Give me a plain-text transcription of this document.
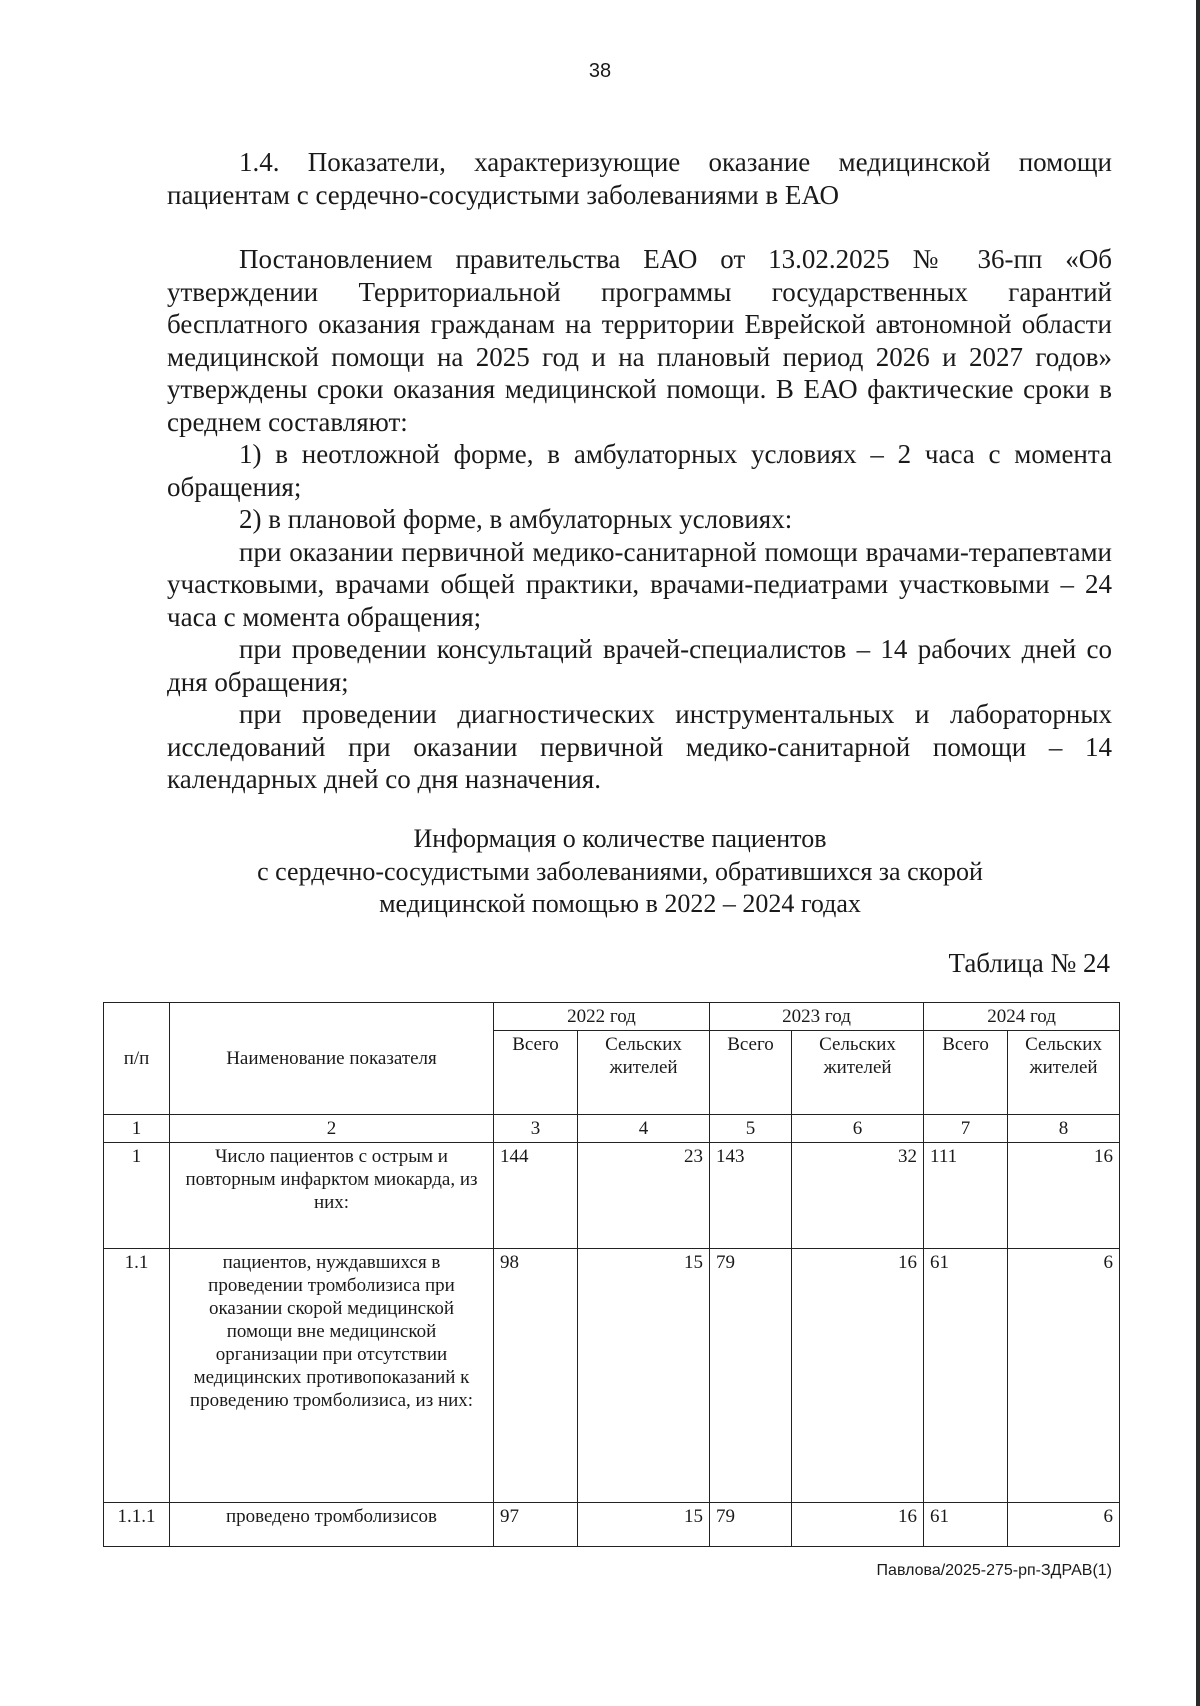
38

1.4. Показатели, характеризующие оказание медицинской помощи пациентам с сердечно-сосудистыми заболеваниями в ЕАО

Постановлением правительства ЕАО от 13.02.2025 № 36-пп «Об утверждении Территориальной программы государственных гарантий бесплатного оказания гражданам на территории Еврейской автономной области медицинской помощи на 2025 год и на плановый период 2026 и 2027 годов» утверждены сроки оказания медицинской помощи. В ЕАО фактические сроки в среднем составляют:

1) в неотложной форме, в амбулаторных условиях – 2 часа с момента обращения;

2) в плановой форме, в амбулаторных условиях:

при оказании первичной медико-санитарной помощи врачами-терапевтами участковыми, врачами общей практики, врачами-педиатрами участковыми – 24 часа с момента обращения;

при проведении консультаций врачей-специалистов – 14 рабочих дней со дня обращения;

при проведении диагностических инструментальных и лабораторных исследований при оказании первичной медико-санитарной помощи – 14 календарных дней со дня назначения.

Информация о количестве пациентов
с сердечно-сосудистыми заболеваниями, обратившихся за скорой
медицинской помощью в 2022 – 2024 годах
Таблица № 24
п/п	Наименование показателя	2022 год		2023 год		2024 год	
		Всего	Сельских жителей	Всего	Сельских жителей	Всего	Сельских жителей
1	2	3	4	5	6	7	8
1	Число пациентов с острым и повторным инфарктом миокарда, из них:	144	23	143	32	111	16
1.1	пациентов, нуждавшихся в проведении тромболизиса при оказании скорой медицинской помощи вне медицинской организации при отсутствии медицинских противопоказаний к проведению тромболизиса, из них:	98	15	79	16	61	6
1.1.1	проведено тромболизисов	97	15	79	16	61	6
Павлова/2025-275-рп-ЗДРАВ(1)
